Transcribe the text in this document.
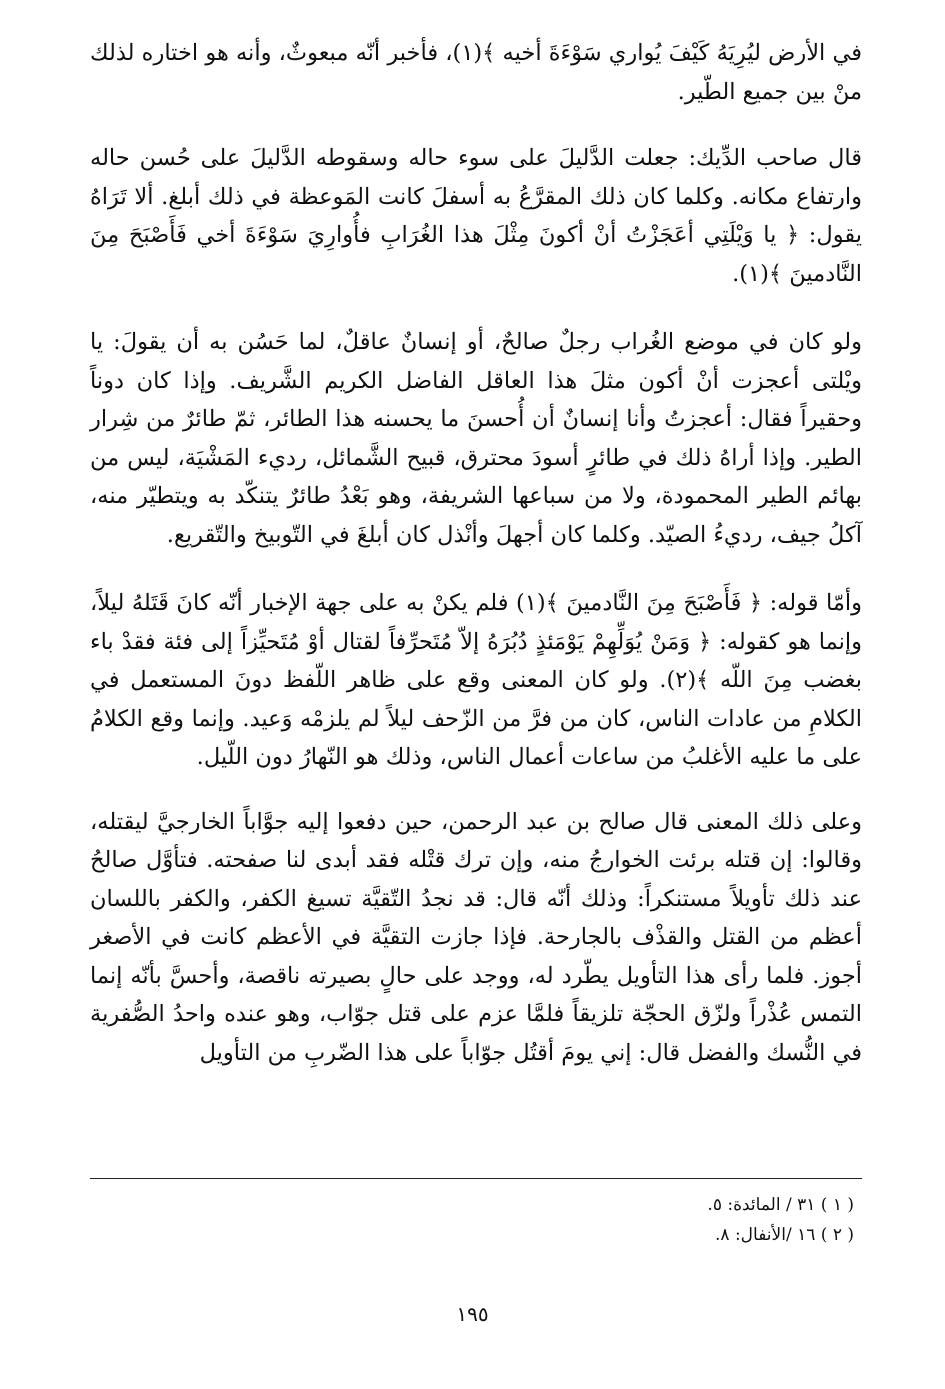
في الأرض ليُرِيَهُ كَيْفَ يُواري سَوْءَةَ أخيه ﴾(١)، فأخبر أنّه مبعوثٌ، وأنه هو اختاره لذلك منْ بين جميع الطّير.

قال صاحب الدِّيك: جعلت الدَّليلَ على سوء حاله وسقوطه الدَّليلَ على حُسن حاله وارتفاع مكانه. وكلما كان ذلك المقرَّعُ به أسفلَ كانت المَوعظة في ذلك أبلغ. ألا تَرَاهُ يقول: ﴿ يا وَيْلَتِي أعَجَزْتُ أنْ أكونَ مِثْلَ هذا الغُرَابِ فأُوارِيَ سَوْءَةَ أخي فَأَصْبَحَ مِنَ النَّادمينَ ﴾(١).

ولو كان في موضع الغُراب رجلٌ صالحٌ، أو إنسانٌ عاقلٌ، لما حَسُن به أن يقولَ: يا ويْلتى أعجزت أنْ أكون مثلَ هذا العاقل الفاضل الكريم الشَّريف. وإذا كان دوناً وحقيراً فقال: أعجزتُ وأنا إنسانٌ أن أُحسنَ ما يحسنه هذا الطائر، ثمّ طائرٌ من شِرار الطير. وإذا أراهُ ذلك في طائرٍ أسودَ محترق، قبيح الشَّمائل، رديء المَشْيَة، ليس من بهائم الطير المحمودة، ولا من سباعها الشريفة، وهو بَعْدُ طائرٌ يتنكّد به ويتطيّر منه، آكلُ جيف، رديءُ الصيّد. وكلما كان أجهلَ وأنْذل كان أبلغَ في التّوبيخ والتّقريع.

وأمّا قوله: ﴿ فَأَصْبَحَ مِنَ النَّادمينَ ﴾(١) فلم يكنْ به على جهة الإخبار أنّه كانَ قَتَلهُ ليلاً، وإنما هو كقوله: ﴿ وَمَنْ يُوَلِّهِمْ يَوْمَئذٍ دُبُرَهُ إلاّ مُتَحرِّفاً لقتال أوْ مُتَحيِّزاً إلى فئة فقدْ باء بغضب مِنَ اللّه ﴾(٢). ولو كان المعنى وقع على ظاهر اللّفظ دونَ المستعمل في الكلامِ من عادات الناس، كان من فرَّ من الزّحف ليلاً لم يلزمْه وَعيد. وإنما وقع الكلامُ على ما عليه الأغلبُ من ساعات أعمال الناس، وذلك هو النّهارُ دون اللّيل.

وعلى ذلك المعنى قال صالح بن عبد الرحمن، حين دفعوا إليه جوَّاباً الخارجيَّ ليقتله، وقالوا: إن قتله برئت الخوارجُ منه، وإن ترك قتْله فقد أبدى لنا صفحته. فتأوَّل صالحُ عند ذلك تأويلاً مستنكراً: وذلك أنّه قال: قد نجدُ التّقيَّة تسيغ الكفر، والكفر باللسان أعظم من القتل والقذْف بالجارحة. فإذا جازت التقيَّة في الأعظم كانت في الأصغر أجوز. فلما رأى هذا التأويل يطّرد له، ووجد على حالٍ بصيرته ناقصة، وأحسَّ بأنّه إنما التمس عُذْراً ولزّق الحجّة تلزيقاً فلمَّا عزم على قتل جوّاب، وهو عنده واحدُ الصُّفرية في النُّسك والفضل قال: إني يومَ أقتُل جوّاباً على هذا الضّربِ من التأويل

( ١ ) ٣١ / المائدة: ٥.

( ٢ ) ١٦ /الأنفال: ٨.

١٩٥
